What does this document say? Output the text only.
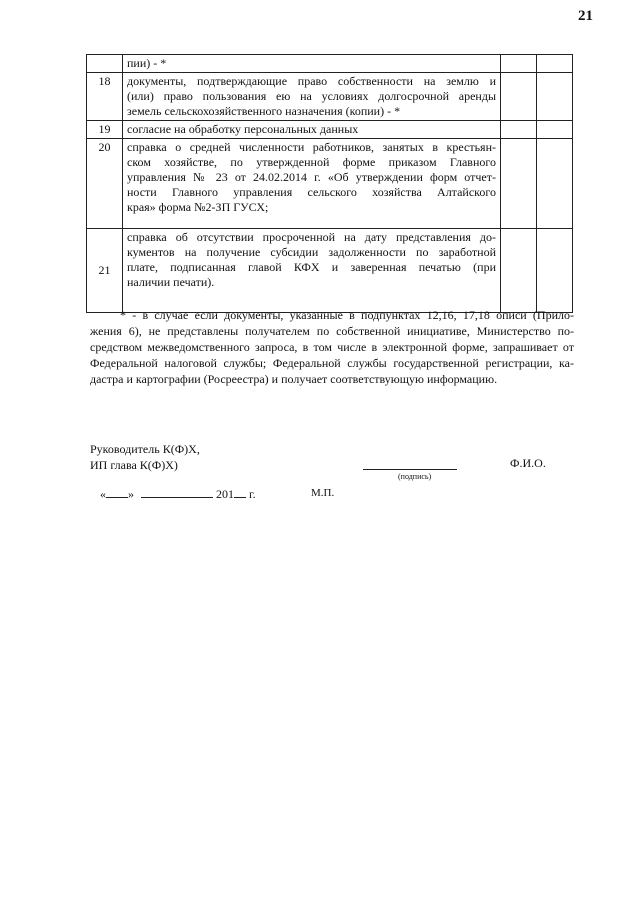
21

	пии) - *		

18	документы, подтверждающие право собственности на землю и
(или) право пользования ею на условиях долгосрочной аренды
земель сельскохозяйственного назначения (копии) - *		

19	согласие на обработку персональных данных		

20	справка о средней численности работников, занятых в крестьян-
ском хозяйстве, по утвержденной форме приказом Главного
управления № 23 от 24.02.2014 г. «Об утверждении форм отчет-
ности Главного управления сельского хозяйства Алтайского
края» форма №2-ЗП ГУСХ;		

21	справка об отсутствии просроченной на дату представления до-
кументов на получение субсидии задолженности по заработной
плате, подписанная главой КФХ и заверенная печатью (при
наличии печати).		

* - в случае если документы, указанные в подпунктах 12,16, 17,18 описи (Прило-
жения 6), не представлены получателем по собственной инициативе, Министерство по-
средством межведомственного запроса, в том числе в электронной форме, запрашивает от
Федеральной налоговой службы; Федеральной службы государственной регистрации, ка-
дастра и картографии (Росреестра) и получает соответствующую информацию.
Руководитель К(Ф)Х,
ИП глава К(Ф)Х)
(подпись)
Ф.И.О.
« »	201 г.	М.П.
